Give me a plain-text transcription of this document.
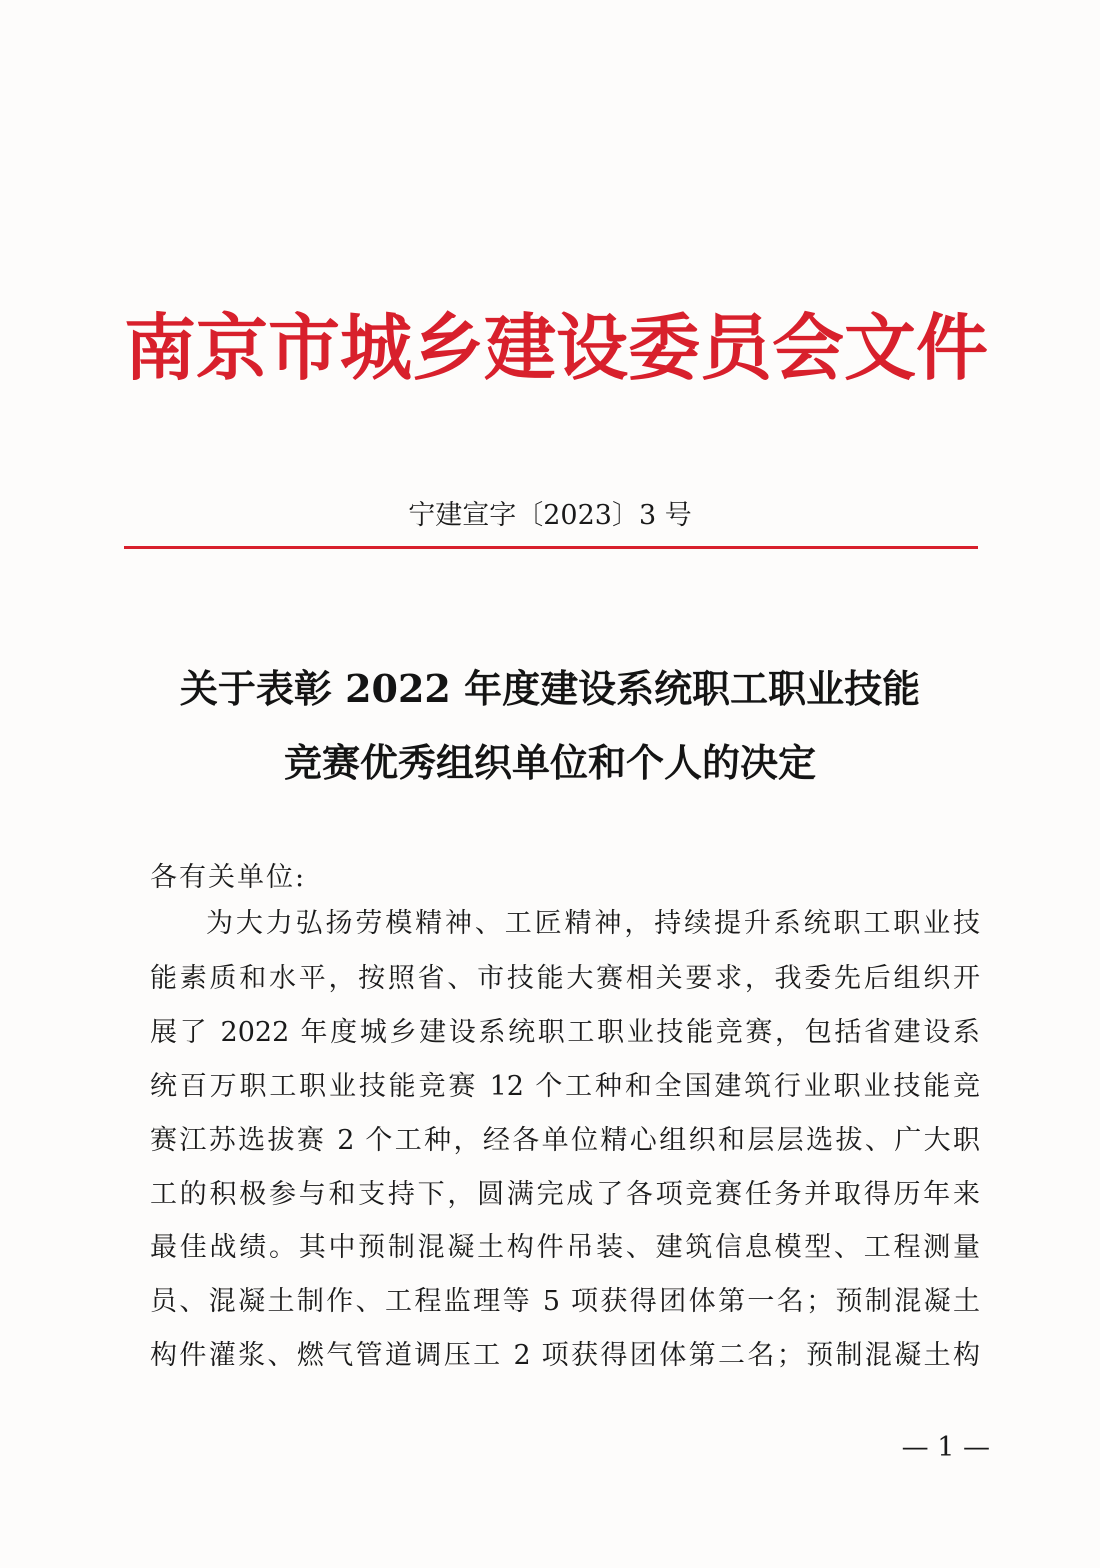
南京市城乡建设委员会文件
宁建宣字〔2023〕3 号
关于表彰 2022 年度建设系统职工职业技能
竞赛优秀组织单位和个人的决定
各有关单位:
为大力弘扬劳模精神、工匠精神，持续提升系统职工职业技
能素质和水平，按照省、市技能大赛相关要求，我委先后组织开
展了 2022 年度城乡建设系统职工职业技能竞赛，包括省建设系
统百万职工职业技能竞赛 12 个工种和全国建筑行业职业技能竞
赛江苏选拔赛 2 个工种，经各单位精心组织和层层选拔、广大职
工的积极参与和支持下，圆满完成了各项竞赛任务并取得历年来
最佳战绩。其中预制混凝土构件吊装、建筑信息模型、工程测量
员、混凝土制作、工程监理等 5 项获得团体第一名；预制混凝土
构件灌浆、燃气管道调压工 2 项获得团体第二名；预制混凝土构
— 1 —
